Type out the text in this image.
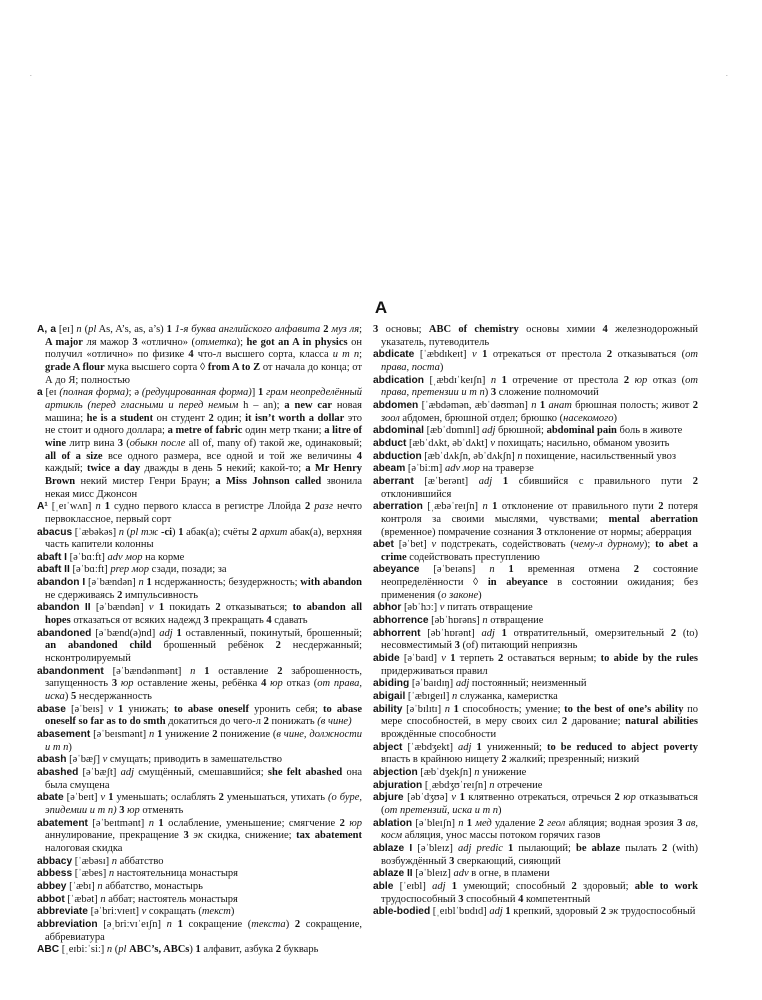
.	.
A

A, a [eɪ] n (pl As, A’s, as, a’s) 1 1-я буква английского алфавита 2 муз ля; A major ля мажор 3 «отлично» (отметка); he got an A in physics он получил «отлично» по физике 4 что-л высшего сорта, класса и т п; grade A flour мука высшего сорта ◊ from A to Z от начала до конца; от А до Я; полностью

a [eɪ (полная форма); ə (редуцированная форма)] 1 грам неопределённый артикль (перед гласными и перед немым h – an); a new car новая машина; he is a student он студент 2 один; it isn’t worth a dollar это не стоит и одного доллара; a metre of fabric один метр ткани; a litre of wine литр вина 3 (обыкн после all of, many of) такой же, одинаковый; all of a size все одного размера, все одной и той же величины 4 каждый; twice a day дважды в день 5 некий; какой-то; a Mr Henry Brown некий мистер Генри Браун; a Miss Johnson called звонила некая мисс Джонсон

A¹ [ˌeɪˈwʌn] n 1 судно первого класса в регистре Ллойда 2 разг нечто первоклассное, первый сорт

abacus [ˈæbəkəs] n (pl тж -ci) 1 абак(а); счёты 2 архит абак(а), верхняя часть капители колонны

abaft I [əˈbɑːft] adv мор на корме

abaft II [əˈbɑːft] prep мор сзади, позади; за

abandon I [əˈbændən] n 1 нсдержанность; безудержность; with abandon не сдерживаясь 2 импульсивность

abandon II [əˈbændən] v 1 покидать 2 отказываться; to abandon all hopes отказаться от всяких надежд 3 прекращать 4 сдавать

abandoned [əˈbænd(ə)nd] adj 1 оставленный, покинутый, брошенный; an abandoned child брошенный ребёнок 2 несдержанный; нсконтролируемый

abandonment [əˈbændənmənt] n 1 оставление 2 заброшенность, запущенность 3 юр оставление жены, ребёнка 4 юр отказ (от права, иска) 5 несдержанность

abase [əˈbeɪs] v 1 унижать; to abase oneself уронить себя; to abase oneself so far as to do smth докатиться до чего-л 2 понижать (в чине)

abasement [əˈbeɪsmənt] n 1 унижение 2 понижение (в чине, должности и т п)

abash [əˈbæʃ] v смущать; приводить в замешательство

abashed [əˈbæʃt] adj смущённый, смешавшийся; she felt abashed она была смущена

abate [əˈbeɪt] v 1 уменьшать; ослаблять 2 уменьшаться, утихать (о буре, эпидемии и т п) 3 юр отменять

abatement [əˈbeɪtmənt] n 1 ослабление, уменьшение; смягчение 2 юр аннулирование, прекращение 3 эк скидка, снижение; tax abatement налоговая скидка

abbacy [ˈæbəsɪ] n аббатство

abbess [ˈæbes] n настоятельница монастыря

abbey [ˈæbɪ] n аббатство, монастырь

abbot [ˈæbət] n аббат; настоятель монастыря

abbreviate [əˈbriːvɪeɪt] v сокращать (текст)

abbreviation [əˌbriːvɪˈeɪʃn] n 1 сокращение (текста) 2 сокращение, аббревиатура

ABC [ˌeɪbiːˈsiː] n (pl ABC’s, ABCs) 1 алфавит, азбука 2 букварь

3 основы; ABC of chemistry основы химии 4 железнодорожный указатель, путеводитель

abdicate [ˈæbdɪkeɪt] v 1 отрекаться от престола 2 отказываться (от права, поста)

abdication [ˌæbdɪˈkeɪʃn] n 1 отречение от престола 2 юр отказ (от права, претензии и т п) 3 сложение полномочий

abdomen [ˈæbdəmən, æbˈdəʊmən] n 1 анат брюшная полость; живот 2 зоол абдомен, брюшной отдел; брюшко (насекомого)

abdominal [æbˈdɒmɪnl] adj брюшной; abdominal pain боль в животе

abduct [æbˈdʌkt, əbˈdʌkt] v похищать; насильно, обманом увозить

abduction [æbˈdʌkʃn, əbˈdʌkʃn] n похищение, насильственный увоз

abeam [əˈbiːm] adv мор на траверзе

aberrant [æˈberənt] adj 1 сбившийся с правильного пути 2 отклонившийся

aberration [ˌæbəˈreɪʃn] n 1 отклонение от правильного пути 2 потеря контроля за своими мыслями, чувствами; mental aberration (временное) помрачение сознания 3 отклонение от нормы; аберрация

abet [əˈbet] v подстрекать, содействовать (чему-л дурному); to abet a crime содействовать преступлению

abeyance [əˈbeɪəns] n 1 временная отмена 2 состояние неопределённости ◊ in abeyance в состоянии ожидания; без применения (о законе)

abhor [əbˈhɔː] v питать отвращение

abhorrence [əbˈhɒrəns] n отвращение

abhorrent [əbˈhɒrənt] adj 1 отвратительный, омерзительный 2 (to) несовместимый 3 (of) питающий неприязнь

abide [əˈbaɪd] v 1 терпеть 2 оставаться верным; to abide by the rules придерживаться правил

abiding [əˈbaɪdɪŋ] adj постоянный; неизменный

abigail [ˈæbɪgeɪl] n служанка, камеристка

ability [əˈbɪlɪtɪ] n 1 способность; умение; to the best of one’s ability по мере способностей, в меру своих сил 2 дарование; natural abilities врождённые способности

abject [ˈæbdʒekt] adj 1 униженный; to be reduced to abject poverty впасть в крайнюю нищету 2 жалкий; презренный; низкий

abjection [æbˈdʒekʃn] n унижение

abjuration [ˌæbdʒʊˈreɪʃn] n отречение

abjure [əbˈdʒʊə] v 1 клятвенно отрекаться, отречься 2 юр отказываться (от претензий, иска и т п)

ablation [əˈbleɪʃn] n 1 мед удаление 2 геол абляция; водная эрозия 3 ав, косм абляция, унос массы потоком горячих газов

ablaze I [əˈbleɪz] adj predic 1 пылающий; be ablaze пылать 2 (with) возбуждённый 3 сверкающий, сияющий

ablaze II [əˈbleɪz] adv в огне, в пламени

able [ˈeɪbl] adj 1 умеющий; способный 2 здоровый; able to work трудоспособный 3 способный 4 компетентный

able-bodied [ˌeɪblˈbɒdɪd] adj 1 крепкий, здоровый 2 эк трудоспособный
